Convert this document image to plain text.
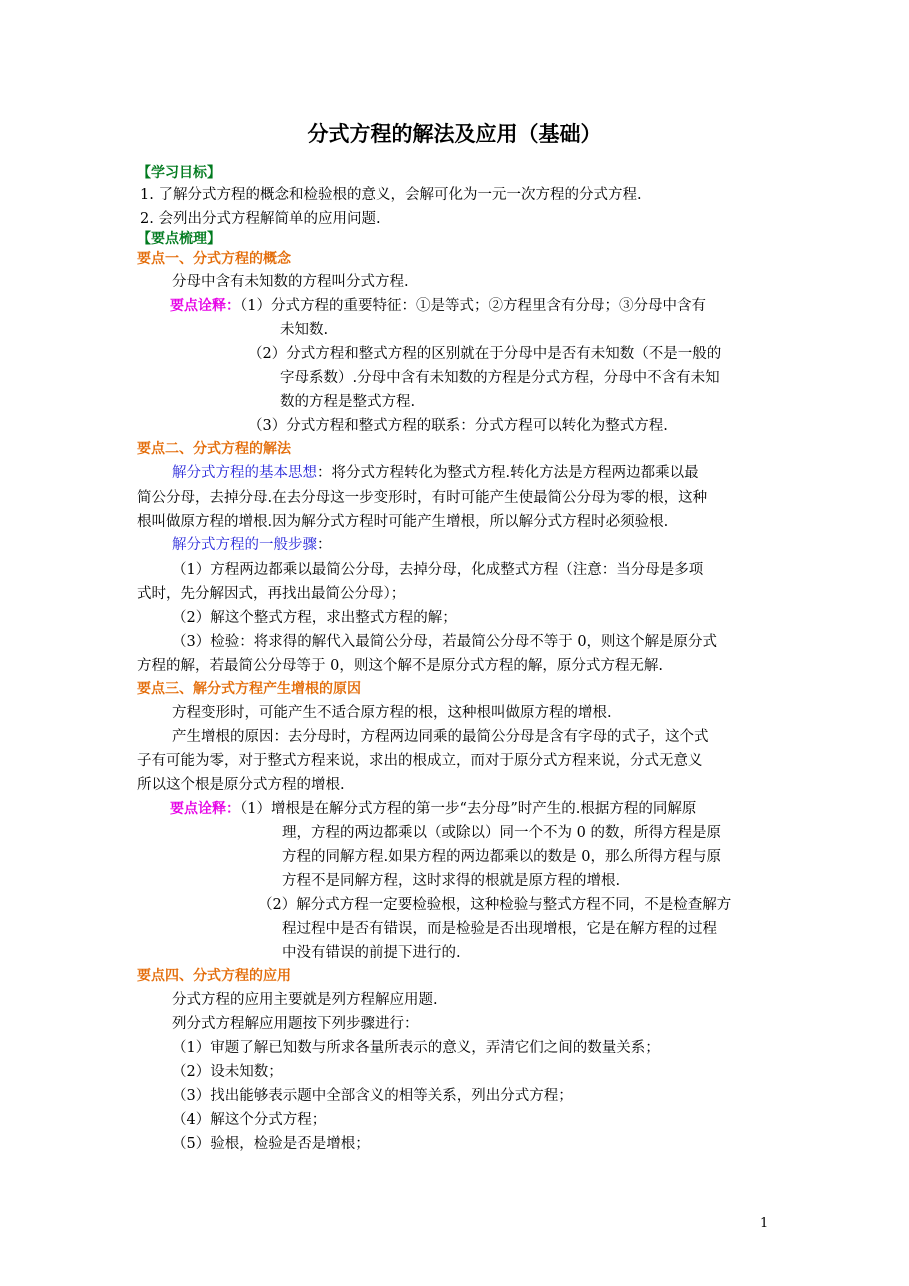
分式方程的解法及应用（基础）
【学习目标】
1. 了解分式方程的概念和检验根的意义，会解可化为一元一次方程的分式方程.
2. 会列出分式方程解简单的应用问题.
【要点梳理】
要点一、分式方程的概念
分母中含有未知数的方程叫分式方程.
要点诠释：（1）分式方程的重要特征：①是等式；②方程里含有分母；③分母中含有
未知数.
（2）分式方程和整式方程的区别就在于分母中是否有未知数（不是一般的
字母系数）.分母中含有未知数的方程是分式方程，分母中不含有未知
数的方程是整式方程.
（3）分式方程和整式方程的联系：分式方程可以转化为整式方程.
要点二、分式方程的解法
解分式方程的基本思想：将分式方程转化为整式方程.转化方法是方程两边都乘以最
简公分母，去掉分母.在去分母这一步变形时，有时可能产生使最简公分母为零的根，这种
根叫做原方程的增根.因为解分式方程时可能产生增根，所以解分式方程时必须验根.
解分式方程的一般步骤：
（1）方程两边都乘以最简公分母，去掉分母，化成整式方程（注意：当分母是多项
式时，先分解因式，再找出最简公分母）；
（2）解这个整式方程，求出整式方程的解；
（3）检验：将求得的解代入最简公分母，若最简公分母不等于 0，则这个解是原分式
方程的解，若最简公分母等于 0，则这个解不是原分式方程的解，原分式方程无解.
要点三、解分式方程产生增根的原因
方程变形时，可能产生不适合原方程的根，这种根叫做原方程的增根.
产生增根的原因：去分母时，方程两边同乘的最简公分母是含有字母的式子，这个式
子有可能为零，对于整式方程来说，求出的根成立，而对于原分式方程来说，分式无意义
所以这个根是原分式方程的增根.
要点诠释：（1）增根是在解分式方程的第一步“去分母”时产生的.根据方程的同解原
理，方程的两边都乘以（或除以）同一个不为 0 的数，所得方程是原
方程的同解方程.如果方程的两边都乘以的数是 0，那么所得方程与原
方程不是同解方程，这时求得的根就是原方程的增根.
（2）解分式方程一定要检验根，这种检验与整式方程不同，不是检查解方
程过程中是否有错误，而是检验是否出现增根，它是在解方程的过程
中没有错误的前提下进行的.
要点四、分式方程的应用
分式方程的应用主要就是列方程解应用题.
列分式方程解应用题按下列步骤进行：
（1）审题了解已知数与所求各量所表示的意义，弄清它们之间的数量关系；
（2）设未知数；
（3）找出能够表示题中全部含义的相等关系，列出分式方程；
（4）解这个分式方程；
（5）验根，检验是否是增根；
1
